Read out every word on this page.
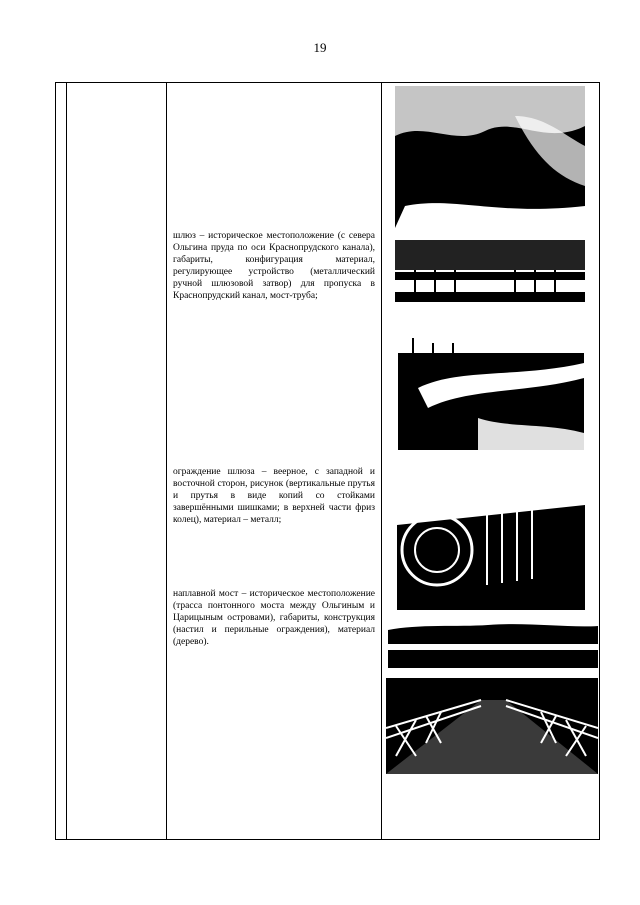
19
шлюз – историческое местоположение (с севера Ольгина пруда по оси Краснопрудского канала), габариты, конфигурация материал, регулирующее устройство (металлический ручной шлюзовой затвор) для пропуска в Краснопрудский канал, мост-труба;
ограждение шлюза – веерное, с западной и восточной сторон, рисунок (вертикальные прутья и прутья в виде копий со стойками завершёнными шишками; в верхней части фриз колец), материал – металл;
наплавной мост – историческое местоположение (трасса понтонного моста между Ольгиным и Царицыным островами), габариты, конструкция (настил и перильные ограждения), материал (дерево).
